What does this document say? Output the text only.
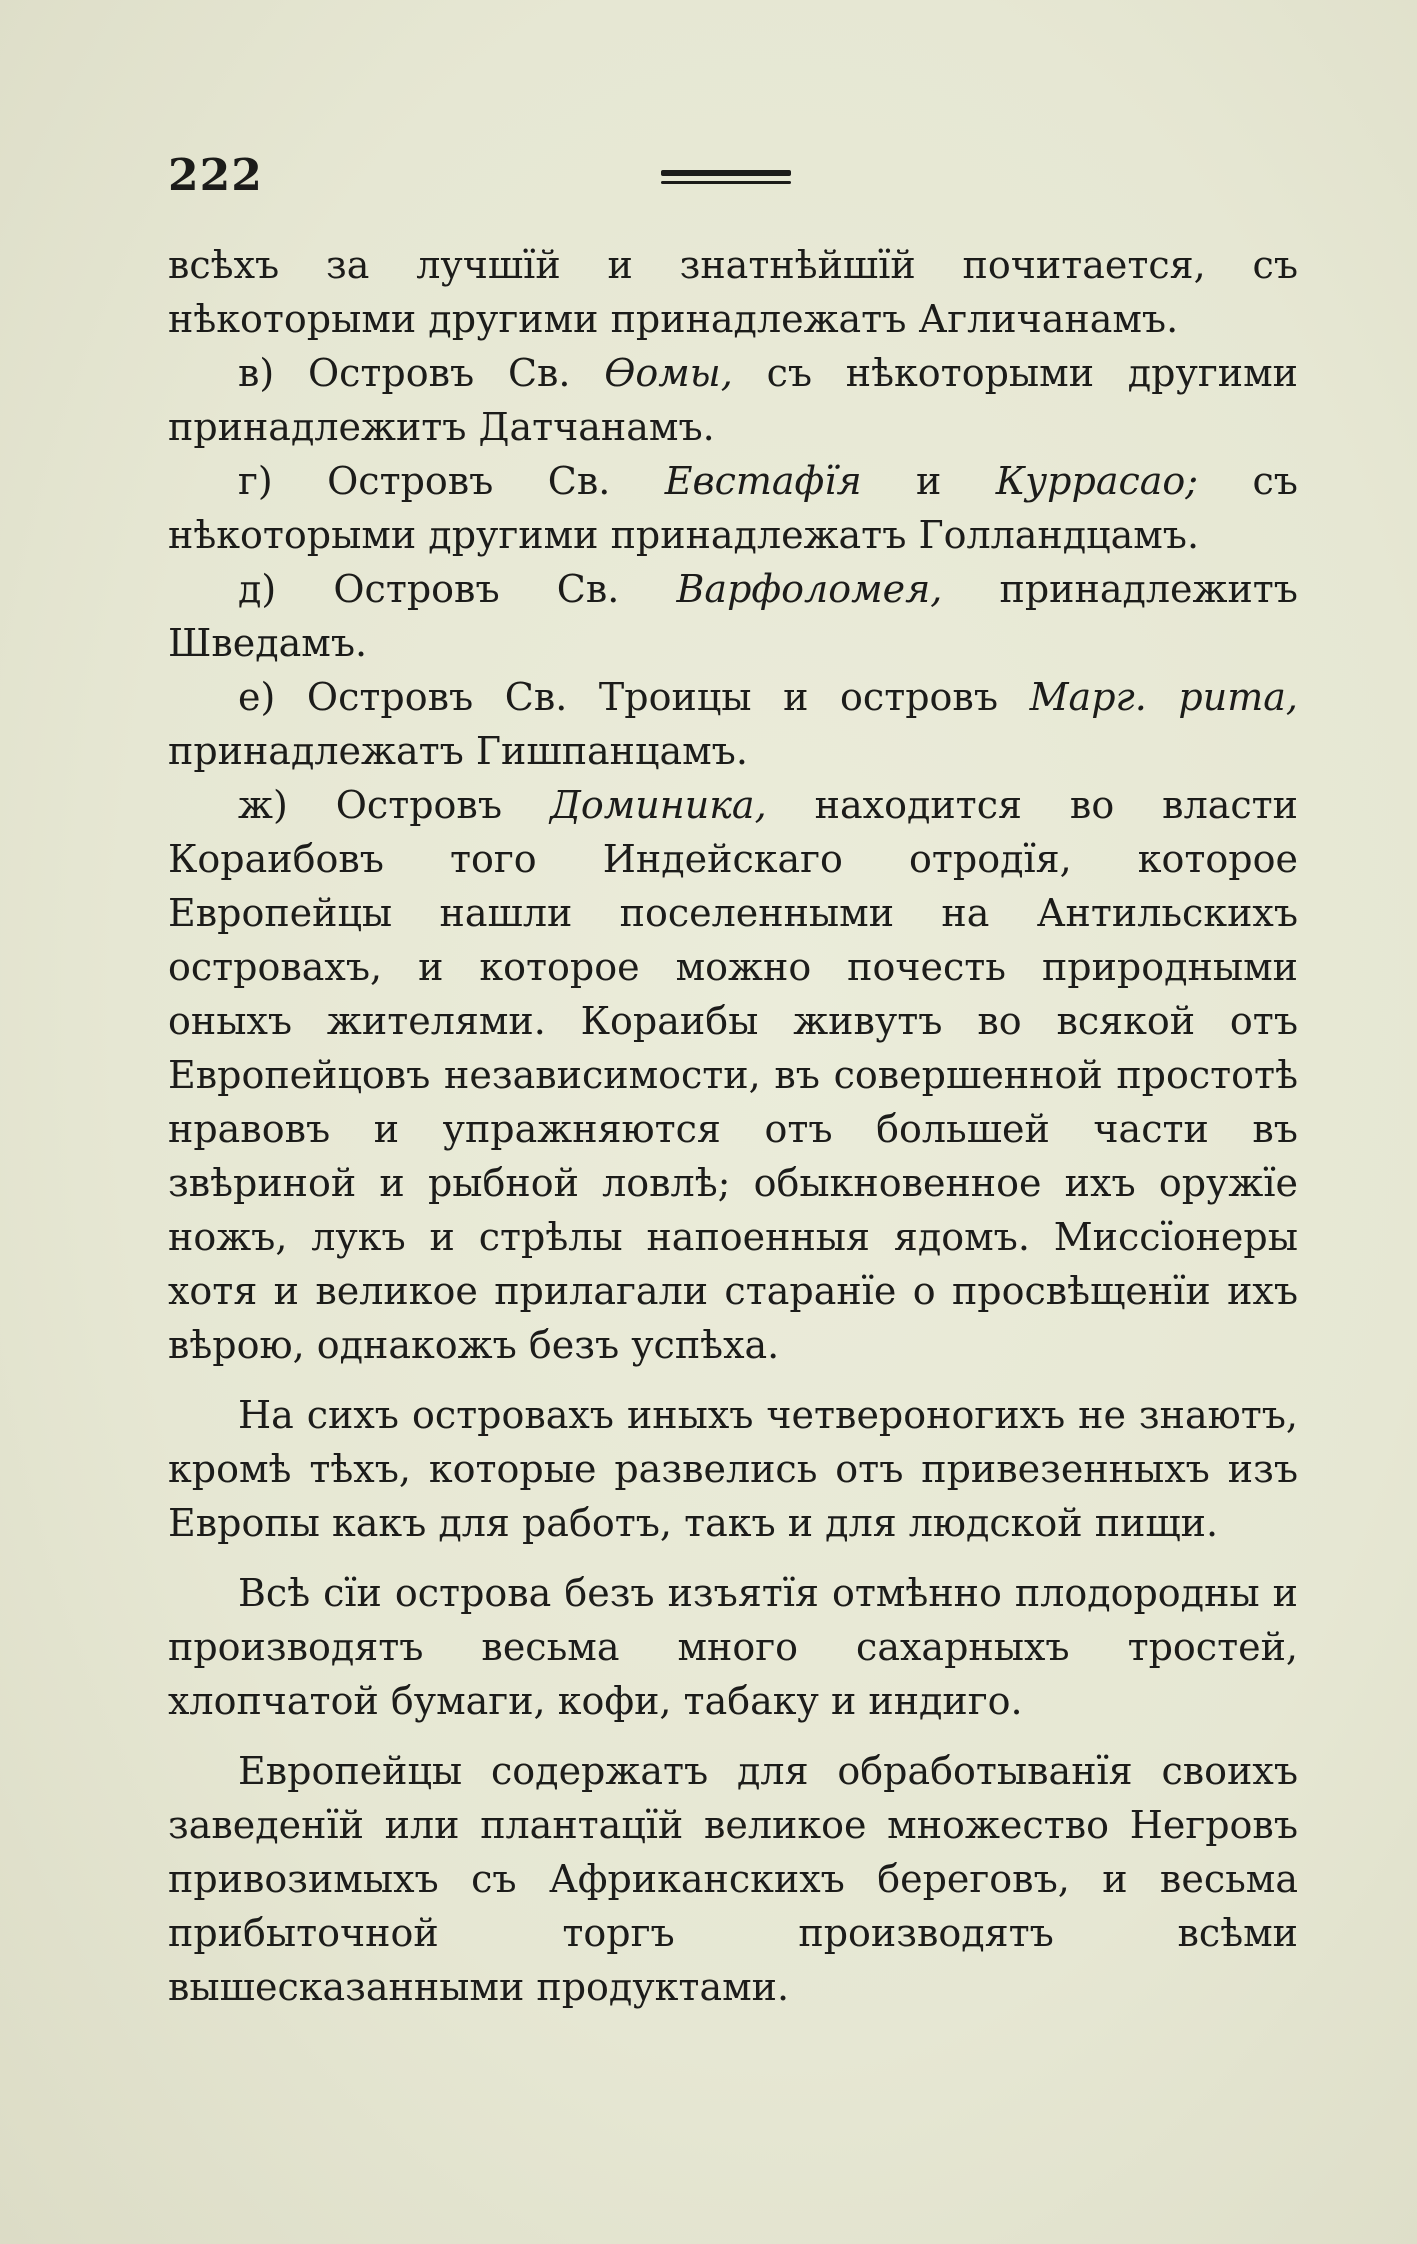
222

всѣхъ за лучшїй и знатнѣйшїй почитается, съ нѣкоторыми другими принадлежатъ Агличанамъ.

в) Островъ Св. Ѳомы, съ нѣкоторыми другими принадлежитъ Датчанамъ.

г) Островъ Св. Евстафїя и Куррасао; съ нѣкоторыми другими принадлежатъ Голландцамъ.

д) Островъ Св. Варфоломея, принадлежитъ Шведамъ.

е) Островъ Св. Троицы и островъ Марг. рита, принадлежатъ Гишпанцамъ.

ж) Островъ Доминика, находится во власти Кораибовъ того Индейскаго отродїя, которое Европейцы нашли поселенными на Антильскихъ островахъ, и которое можно почесть природными оныхъ жителями. Кораибы живутъ во всякой отъ Европейцовъ независимости, въ совершенной простотѣ нравовъ и упражняются отъ большей части въ звѣриной и рыбной ловлѣ; обыкновенное ихъ оружїе ножъ, лукъ и стрѣлы напоенныя ядомъ. Миссїонеры хотя и великое прилагали старанїе о просвѣщенїи ихъ вѣрою, однакожъ безъ успѣха.

На сихъ островахъ иныхъ четвероногихъ не знаютъ, кромѣ тѣхъ, которые развелись отъ привезенныхъ изъ Европы какъ для работъ, такъ и для людской пищи.

Всѣ сїи острова безъ изъятїя отмѣнно плодородны и производятъ весьма много сахарныхъ тростей, хлопчатой бумаги, кофи, табаку и индиго.

Европейцы содержатъ для обработыванїя своихъ заведенїй или плантацїй великое множество Негровъ привозимыхъ съ Африканскихъ береговъ, и весьма прибыточной торгъ производятъ всѣми вышесказанными продуктами.
